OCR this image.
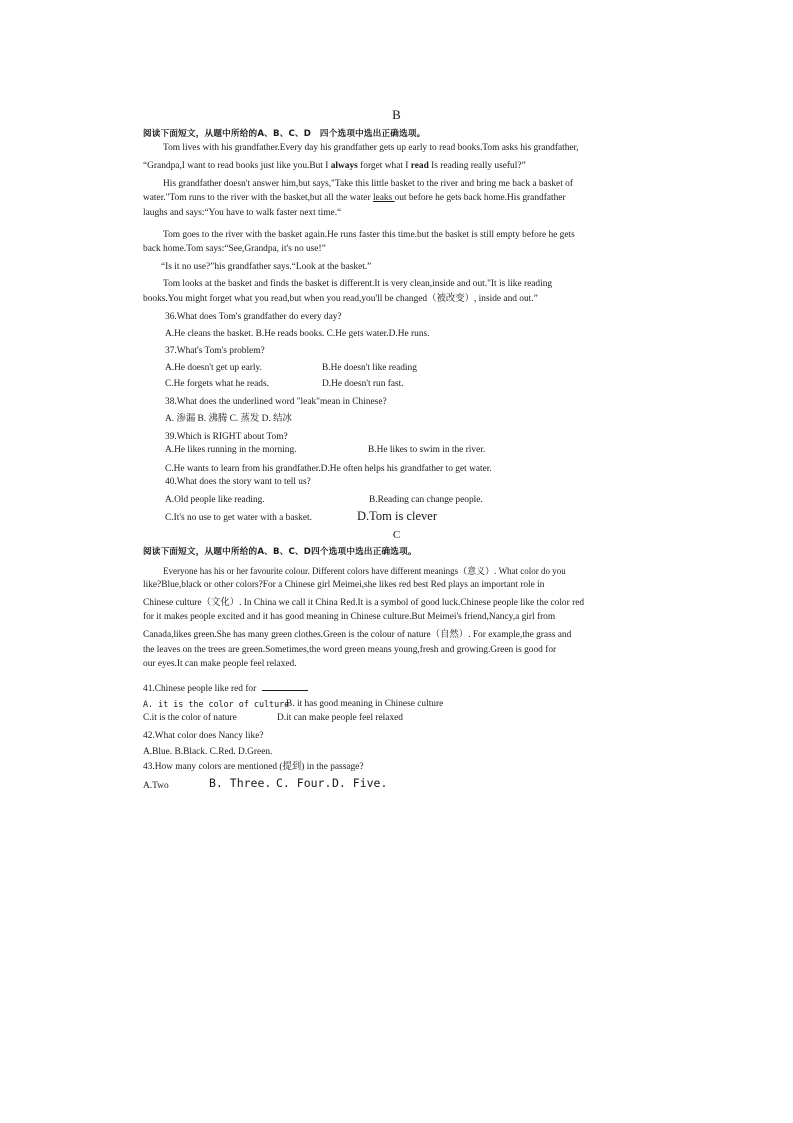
B
阅读下面短文，从题中所给的A、B、C、D　四个选项中选出正确选项。
Tom lives with his grandfather.Every day his grandfather gets up early to read books.Tom asks his grandfather,
“Grandpa,I want to read books just like you.But I always forget what I read Is reading really useful?”
His grandfather doesn't answer him,but says,"Take this little basket to the river and bring me back a basket of
water."Tom runs to the river with the basket,but all the water leaks out before he gets back home.His grandfather
laughs and says:“You have to walk faster next time.“
Tom goes to the river with the basket again.He runs faster this time.but the basket is still empty before he gets
back home.Tom says:“See,Grandpa, it's no use!”
“Is it no use?”his grandfather says.“Look at the basket.”
Tom looks at the basket and finds the basket is different.It is very clean,inside and out."It is like reading
books.You might forget what you read,but when you read,you'll be changed（被改变）, inside and out.”
36.What does Tom's grandfather do every day?
A.He cleans the basket. B.He reads books. C.He gets water.D.He runs.
37.What's Tom's problem?
A.He doesn't get up early.	B.He doesn't like reading
C.He forgets what he reads.	D.He doesn't run fast.
38.What does the underlined word "leak"mean in Chinese?
A. 渗漏 B. 沸腾 C. 蒸发 D. 结冰
39.Which is RIGHT about Tom?
A.He likes running in the morning.	B.He likes to swim in the river.
C.He wants to learn from his grandfather.D.He often helps his grandfather to get water.
40.What does the story want to tell us?
A.Old people like reading.	B.Reading can change people.
C.It's no use to get water with a basket.	D.Tom is clever
C
阅读下面短文，从题中所给的A、B、C、D四个选项中选出正确选项。
Everyone has his or her favourite colour. Different colors have different meanings（意义）. What color do you
like?Blue,black or other colors?For a Chinese girl Meimei,she likes red best Red plays an important role in
Chinese culture（文化）. In China we call it China Red.It is a symbol of good luck.Chinese people like the color red
for it makes people excited and it has good meaning in Chinese culture.But Meimei's friend,Nancy,a girl from
Canada,likes green.She has many green clothes.Green is the colour of nature（自然）. For example,the grass and
the leaves on the trees are green.Sometimes,the word green means young,fresh and growing.Green is good for
our eyes.It can make people feel relaxed.
41.Chinese people like red for
A. it is the color of culture
B. it has good meaning in Chinese culture
C.it is the color of nature	D.it can make people feel relaxed
42.What color does Nancy like?
A.Blue. B.Black. C.Red. D.Green.
43.How many colors are mentioned (提到) in the passage?
A.Two	B. Three. C. Four. D. Five.
